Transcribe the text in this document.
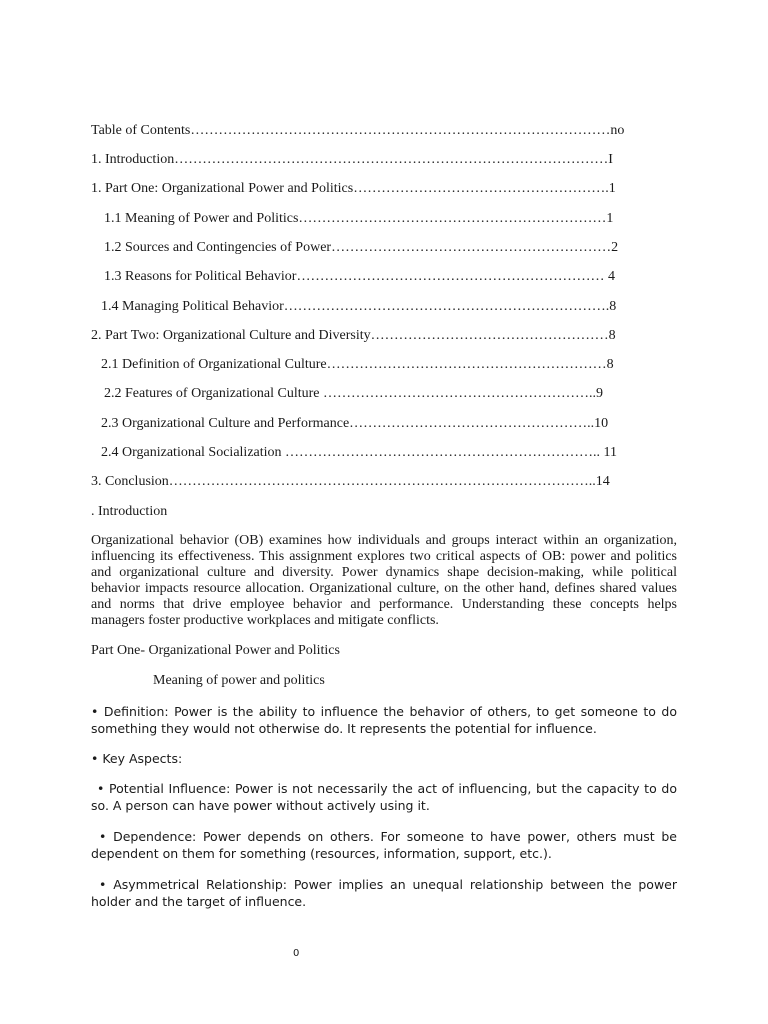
Table of Contents………………………………………………………………………………no
1. Introduction…………………………………………………………………………………I
1. Part One: Organizational Power and Politics……………………………………………….1
1.1 Meaning of Power and Politics…………………………………………………………1
1.2 Sources and Contingencies of Power……………………………………………………2
1.3 Reasons for Political Behavior………………………………………………………… 4
1.4 Managing Political Behavior…………………………………………………………….8
2. Part Two: Organizational Culture and Diversity……………………………………………8
2.1 Definition of Organizational Culture……………………………………………………8
2.2 Features of Organizational Culture …………………………………………………..9
2.3 Organizational Culture and Performance……………………………………………..10
2.4 Organizational Socialization ………………………………………………………….. 11
3. Conclusion………………………………………………………………………………..14
. Introduction
Organizational behavior (OB) examines how individuals and groups interact within an organization, influencing its effectiveness. This assignment explores two critical aspects of OB: power and politics and organizational culture and diversity. Power dynamics shape decision-making, while political behavior impacts resource allocation. Organizational culture, on the other hand, defines shared values and norms that drive employee behavior and performance. Understanding these concepts helps managers foster productive workplaces and mitigate conflicts.
Part One- Organizational Power and Politics
Meaning of power and politics
• Definition: Power is the ability to influence the behavior of others, to get someone to do something they would not otherwise do. It represents the potential for influence.
• Key Aspects:
• Potential Influence: Power is not necessarily the act of influencing, but the capacity to do so. A person can have power without actively using it.
• Dependence: Power depends on others. For someone to have power, others must be dependent on them for something (resources, information, support, etc.).
• Asymmetrical Relationship: Power implies an unequal relationship between the power holder and the target of influence.
0
